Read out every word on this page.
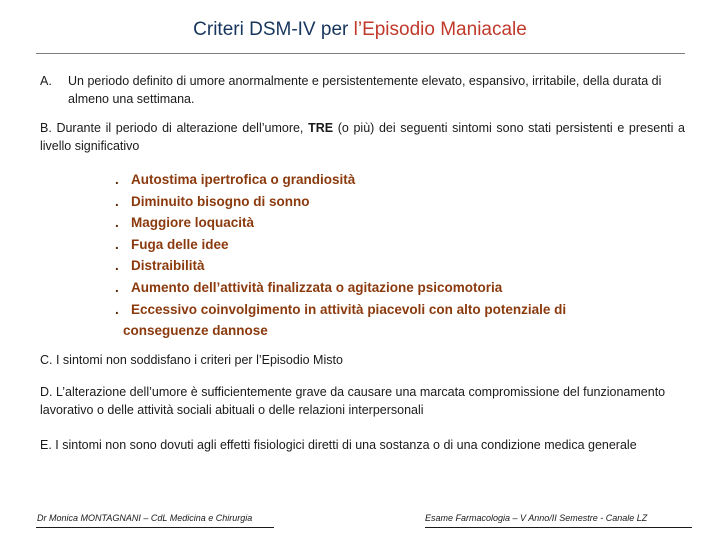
Criteri DSM-IV per l’Episodio Maniacale
A.	Un periodo definito di umore anormalmente e persistentemente elevato, espansivo, irritabile, della durata di almeno una settimana.
B. Durante il periodo di alterazione dell’umore, TRE (o più) dei seguenti sintomi sono stati persistenti e presenti a livello significativo
. Autostima ipertrofica o grandiosità
. Diminuito bisogno di sonno
. Maggiore loquacità
. Fuga delle idee
. Distraibilità
. Aumento dell’attività finalizzata o agitazione psicomotoria
. Eccessivo coinvolgimento in attività piacevoli con alto potenziale di
conseguenze dannose
C. I sintomi non soddisfano i criteri per l’Episodio Misto
D. L’alterazione dell’umore è sufficientemente grave da causare una marcata compromissione del funzionamento lavorativo o delle attività sociali abituali o delle relazioni interpersonali
E. I sintomi non sono dovuti agli effetti fisiologici diretti di una sostanza o di una condizione medica generale
Dr Monica MONTAGNANI – CdL Medicina e Chirurgia	Esame Farmacologia – V Anno/II Semestre - Canale LZ
